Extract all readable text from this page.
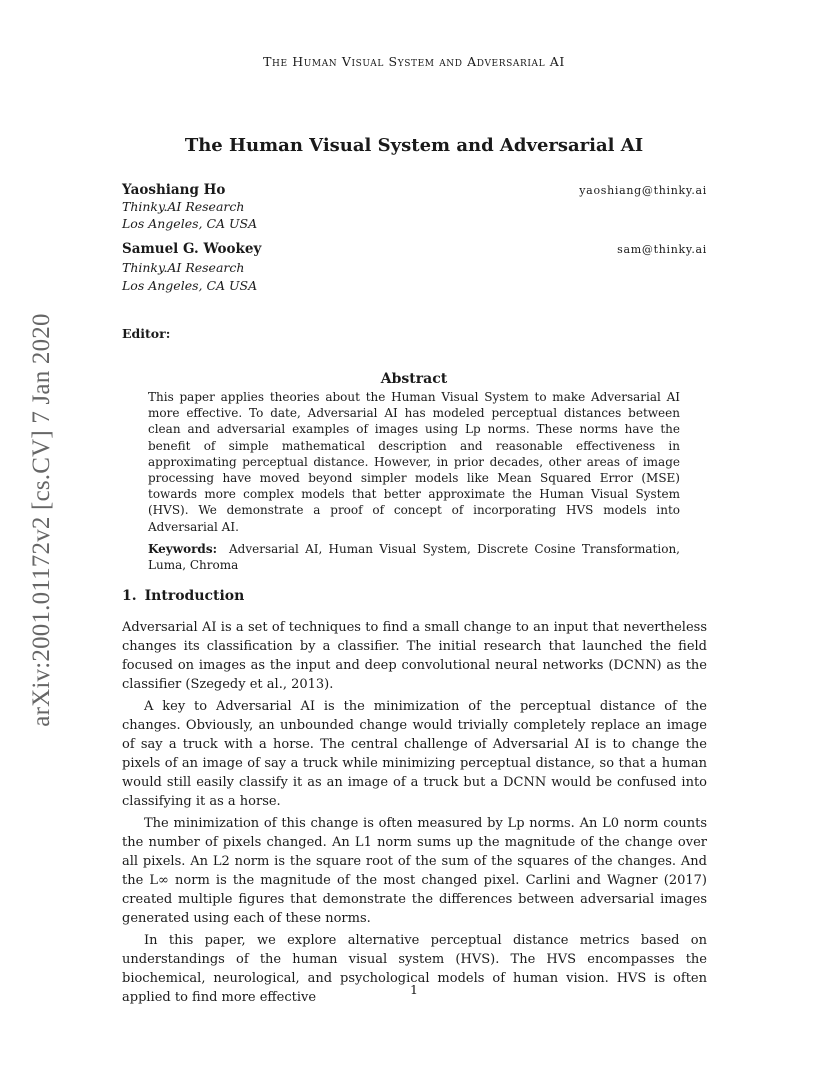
The Human Visual System and Adversarial AI
arXiv:2001.01172v2 [cs.CV] 7 Jan 2020
The Human Visual System and Adversarial AI
Yaoshiang Ho	yaoshiang@thinky.ai
Thinky.AI Research
Los Angeles, CA USA
Samuel G. Wookey	sam@thinky.ai
Thinky.AI Research
Los Angeles, CA USA
Editor:
Abstract

This paper applies theories about the Human Visual System to make Adversarial AI more effective. To date, Adversarial AI has modeled perceptual distances between clean and adversarial examples of images using Lp norms. These norms have the benefit of simple mathematical description and reasonable effectiveness in approximating perceptual distance. However, in prior decades, other areas of image processing have moved beyond simpler models like Mean Squared Error (MSE) towards more complex models that better approximate the Human Visual System (HVS). We demonstrate a proof of concept of incorporating HVS models into Adversarial AI.

Keywords: Adversarial AI, Human Visual System, Discrete Cosine Transformation, Luma, Chroma

1. Introduction

Adversarial AI is a set of techniques to find a small change to an input that nevertheless changes its classification by a classifier. The initial research that launched the field focused on images as the input and deep convolutional neural networks (DCNN) as the classifier (Szegedy et al., 2013).

A key to Adversarial AI is the minimization of the perceptual distance of the changes. Obviously, an unbounded change would trivially completely replace an image of say a truck with a horse. The central challenge of Adversarial AI is to change the pixels of an image of say a truck while minimizing perceptual distance, so that a human would still easily classify it as an image of a truck but a DCNN would be confused into classifying it as a horse.

The minimization of this change is often measured by Lp norms. An L0 norm counts the number of pixels changed. An L1 norm sums up the magnitude of the change over all pixels. An L2 norm is the square root of the sum of the squares of the changes. And the L∞ norm is the magnitude of the most changed pixel. Carlini and Wagner (2017) created multiple figures that demonstrate the differences between adversarial images generated using each of these norms.

In this paper, we explore alternative perceptual distance metrics based on understandings of the human visual system (HVS). The HVS encompasses the biochemical, neurological, and psychological models of human vision. HVS is often applied to find more effective

1
